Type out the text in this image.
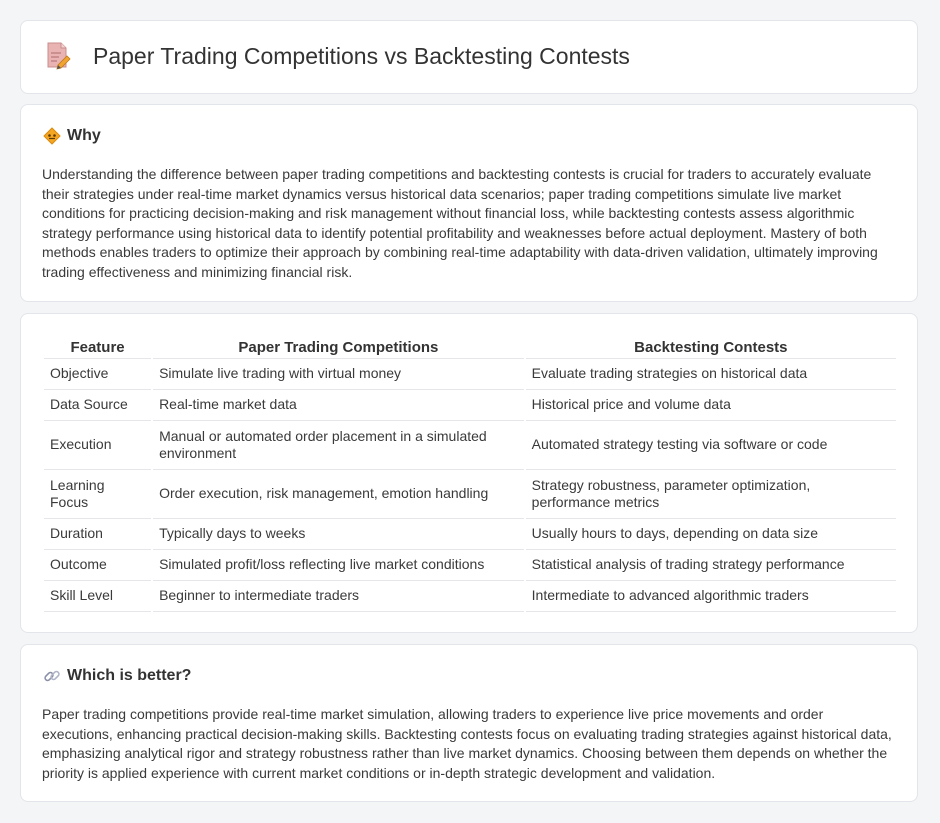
Paper Trading Competitions vs Backtesting Contests
Why

Understanding the difference between paper trading competitions and backtesting contests is crucial for traders to accurately evaluate their strategies under real-time market dynamics versus historical data scenarios; paper trading competitions simulate live market conditions for practicing decision-making and risk management without financial loss, while backtesting contests assess algorithmic strategy performance using historical data to identify potential profitability and weaknesses before actual deployment. Mastery of both methods enables traders to optimize their approach by combining real-time adaptability with data-driven validation, ultimately improving trading effectiveness and minimizing financial risk.

Feature	Paper Trading Competitions	Backtesting Contests
Objective	Simulate live trading with virtual money	Evaluate trading strategies on historical data
Data Source	Real-time market data	Historical price and volume data
Execution	Manual or automated order placement in a simulated environment	Automated strategy testing via software or code
Learning Focus	Order execution, risk management, emotion handling	Strategy robustness, parameter optimization, performance metrics
Duration	Typically days to weeks	Usually hours to days, depending on data size
Outcome	Simulated profit/loss reflecting live market conditions	Statistical analysis of trading strategy performance
Skill Level	Beginner to intermediate traders	Intermediate to advanced algorithmic traders
Which is better?

Paper trading competitions provide real-time market simulation, allowing traders to experience live price movements and order executions, enhancing practical decision-making skills. Backtesting contests focus on evaluating trading strategies against historical data, emphasizing analytical rigor and strategy robustness rather than live market dynamics. Choosing between them depends on whether the priority is applied experience with current market conditions or in-depth strategic development and validation.
